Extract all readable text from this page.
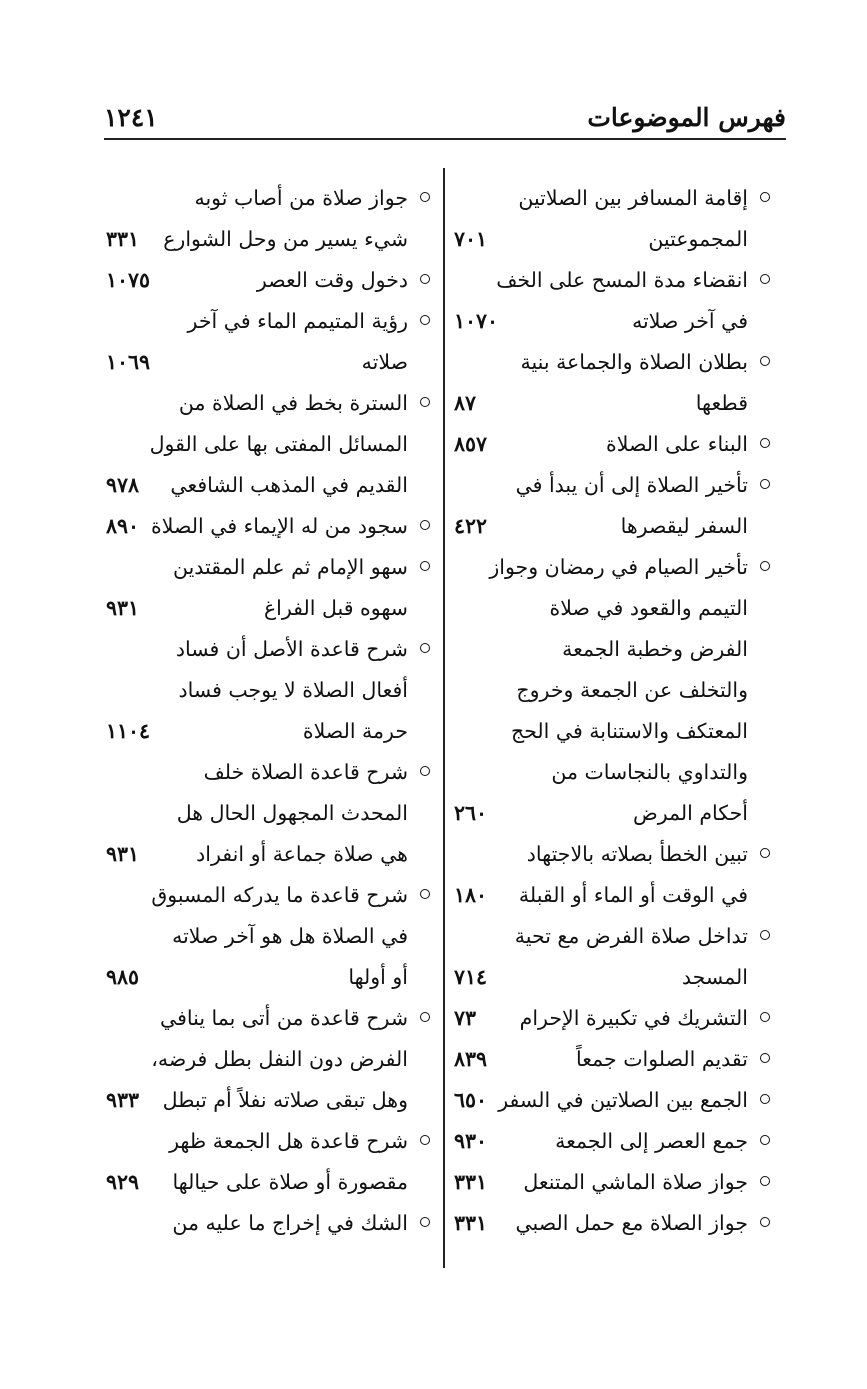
فهرس الموضوعات
١٢٤١
إقامة المسافر بين الصلاتين
المجموعتين
٧٠١
انقضاء مدة المسح على الخف
في آخر صلاته
١٠٧٠
بطلان الصلاة والجماعة بنية
قطعها
٨٧
البناء على الصلاة
٨٥٧
تأخير الصلاة إلى أن يبدأ في
السفر ليقصرها
٤٢٢
تأخير الصيام في رمضان وجواز
التيمم والقعود في صلاة
الفرض وخطبة الجمعة
والتخلف عن الجمعة وخروج
المعتكف والاستنابة في الحج
والتداوي بالنجاسات من
أحكام المرض
٢٦٠
تبين الخطأ بصلاته بالاجتهاد
في الوقت أو الماء أو القبلة
١٨٠
تداخل صلاة الفرض مع تحية
المسجد
٧١٤
التشريك في تكبيرة الإحرام
٧٣
تقديم الصلوات جمعاً
٨٣٩
الجمع بين الصلاتين في السفر
٦٥٠
جمع العصر إلى الجمعة
٩٣٠
جواز صلاة الماشي المتنعل
٣٣١
جواز الصلاة مع حمل الصبي
٣٣١
جواز صلاة من أصاب ثوبه
شيء يسير من وحل الشوارع
٣٣١
دخول وقت العصر
١٠٧٥
رؤية المتيمم الماء في آخر
صلاته
١٠٦٩
السترة بخط في الصلاة من
المسائل المفتى بها على القول
القديم في المذهب الشافعي
٩٧٨
سجود من له الإيماء في الصلاة
٨٩٠
سهو الإمام ثم علم المقتدين
سهوه قبل الفراغ
٩٣١
شرح قاعدة الأصل أن فساد
أفعال الصلاة لا يوجب فساد
حرمة الصلاة
١١٠٤
شرح قاعدة الصلاة خلف
المحدث المجهول الحال هل
هي صلاة جماعة أو انفراد
٩٣١
شرح قاعدة ما يدركه المسبوق
في الصلاة هل هو آخر صلاته
أو أولها
٩٨٥
شرح قاعدة من أتى بما ينافي
الفرض دون النفل بطل فرضه،
وهل تبقى صلاته نفلاً أم تبطل
٩٣٣
شرح قاعدة هل الجمعة ظهر
مقصورة أو صلاة على حيالها
٩٢٩
الشك في إخراج ما عليه من
